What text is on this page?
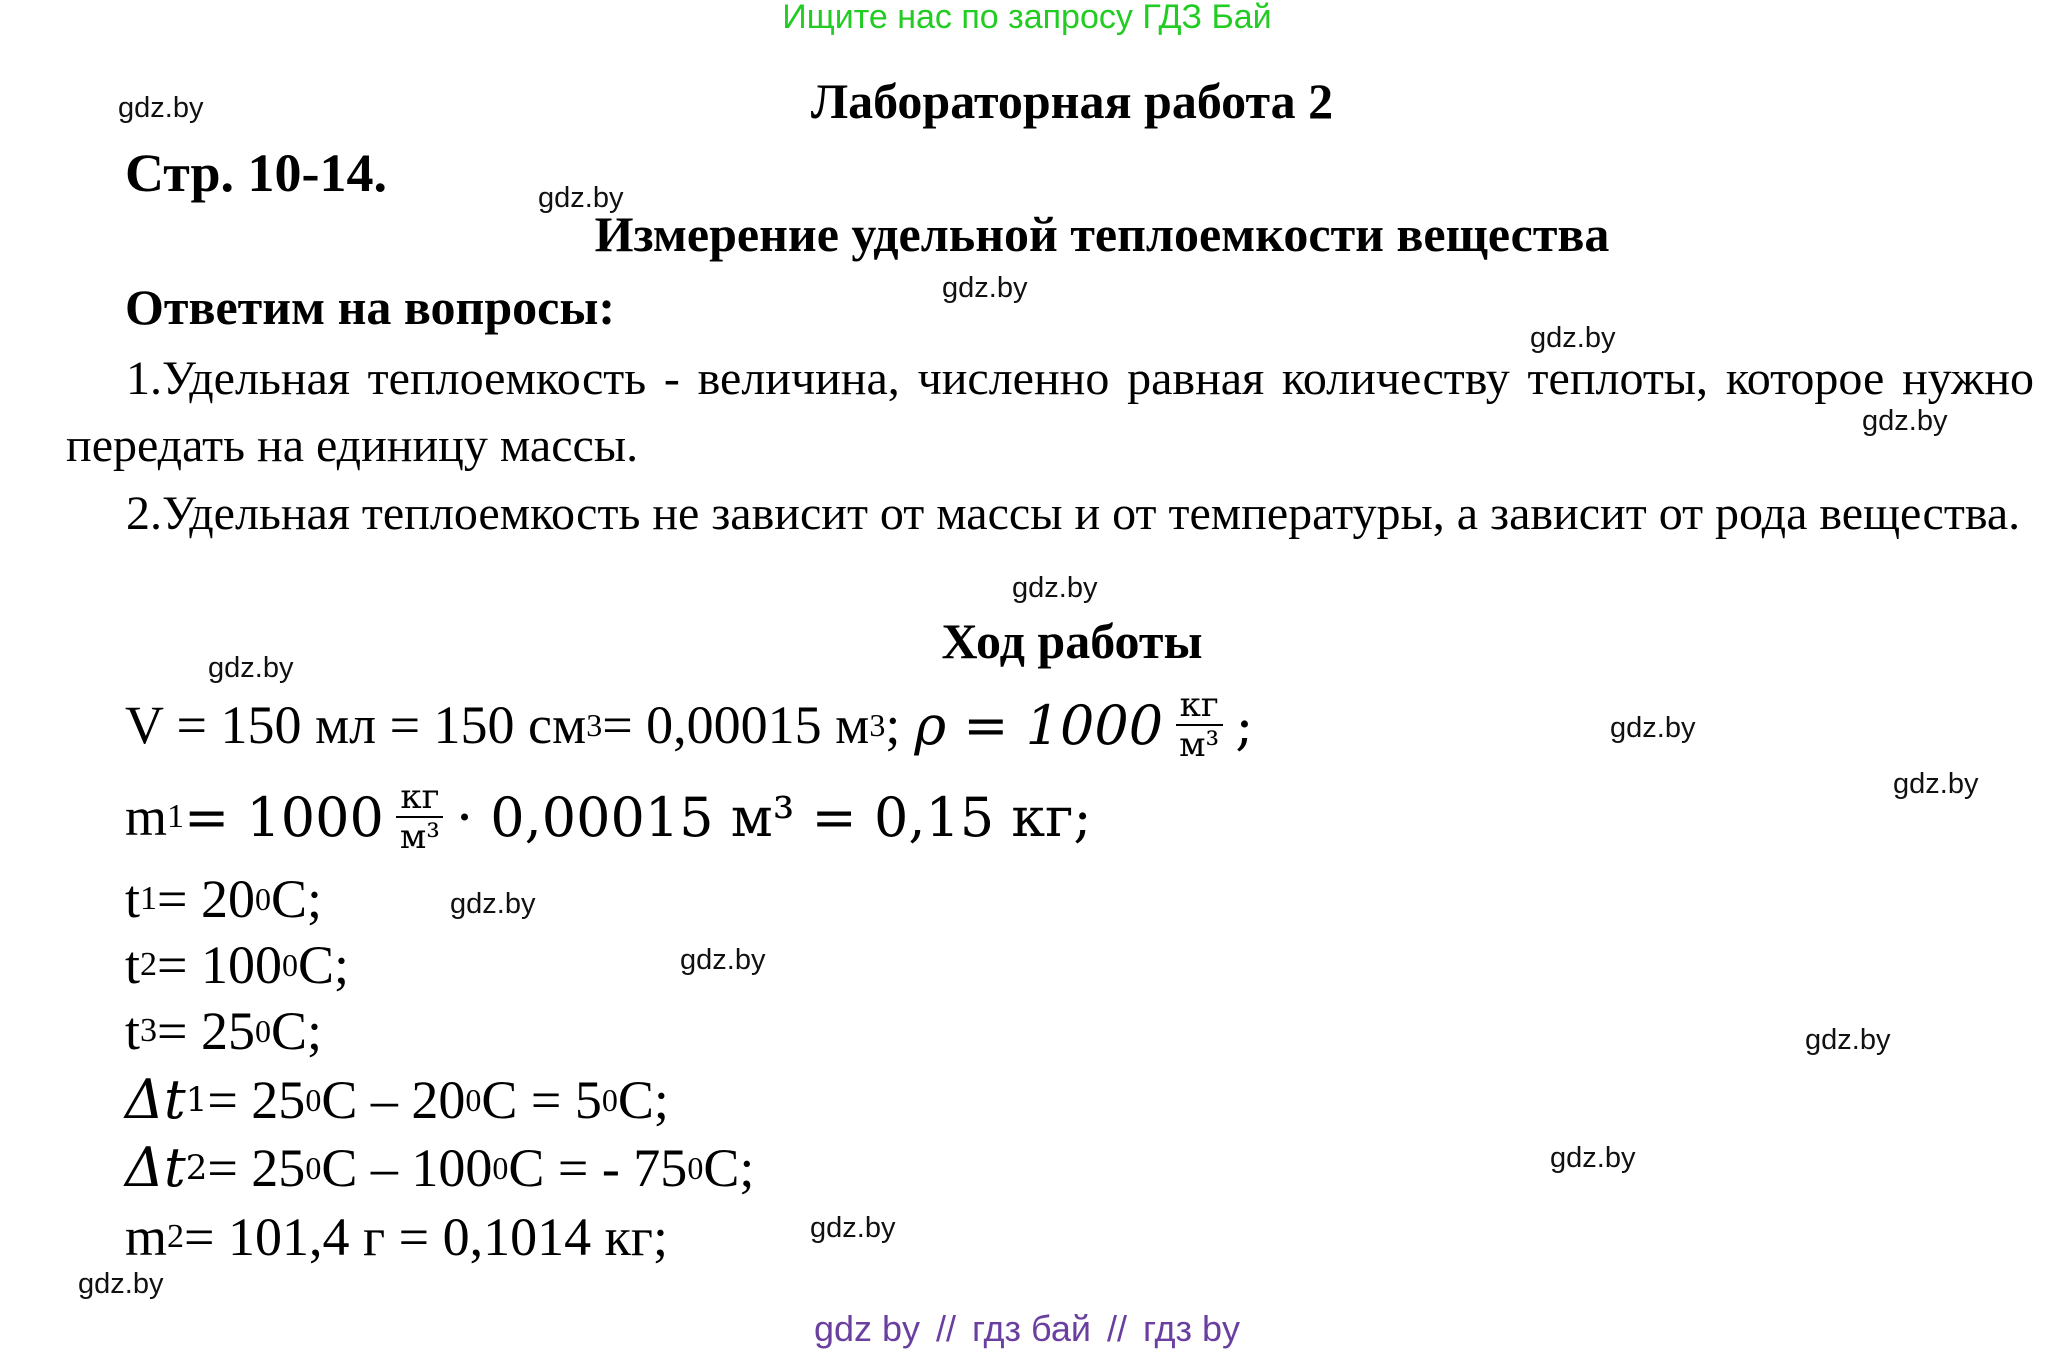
Ищите нас по запросу ГДЗ Бай
gdz.by
gdz.by
gdz.by
gdz.by
gdz.by
gdz.by
gdz.by
gdz.by
gdz.by
gdz.by
gdz.by
gdz.by
gdz.by
gdz.by
gdz.by
Лабораторная работа 2
Стр. 10-14.
Измерение удельной теплоемкости вещества
Ответим на вопросы:
1.Удельная теплоемкость - величина, численно равная количеству теплоты, которое нужно передать на единицу массы.
2.Удельная теплоемкость не зависит от массы и от температуры, а зависит от рода вещества.
Ход работы
V = 150 мл = 150 см 3 = 0,00015 м 3 ; $\rho = 1000 \frac{кг}{\text{м³}}$ ;
m $1 = 1000 \frac{кг}{\text{м³}} \cdot 0,00015$ м³ = 0,15 кг;
t 1 = 20 0 C;
t 2 = 100 0 C;
t 3 = 25 0 C;
Δt 1 = 25 0 C – 20 0 C = 5 0 C;
Δt 2 = 25 0 C – 100 0 C = - 75 0 C;
m 2 = 101,4 г = 0,1014 кг;
gdz by // гдз бай // гдз by
